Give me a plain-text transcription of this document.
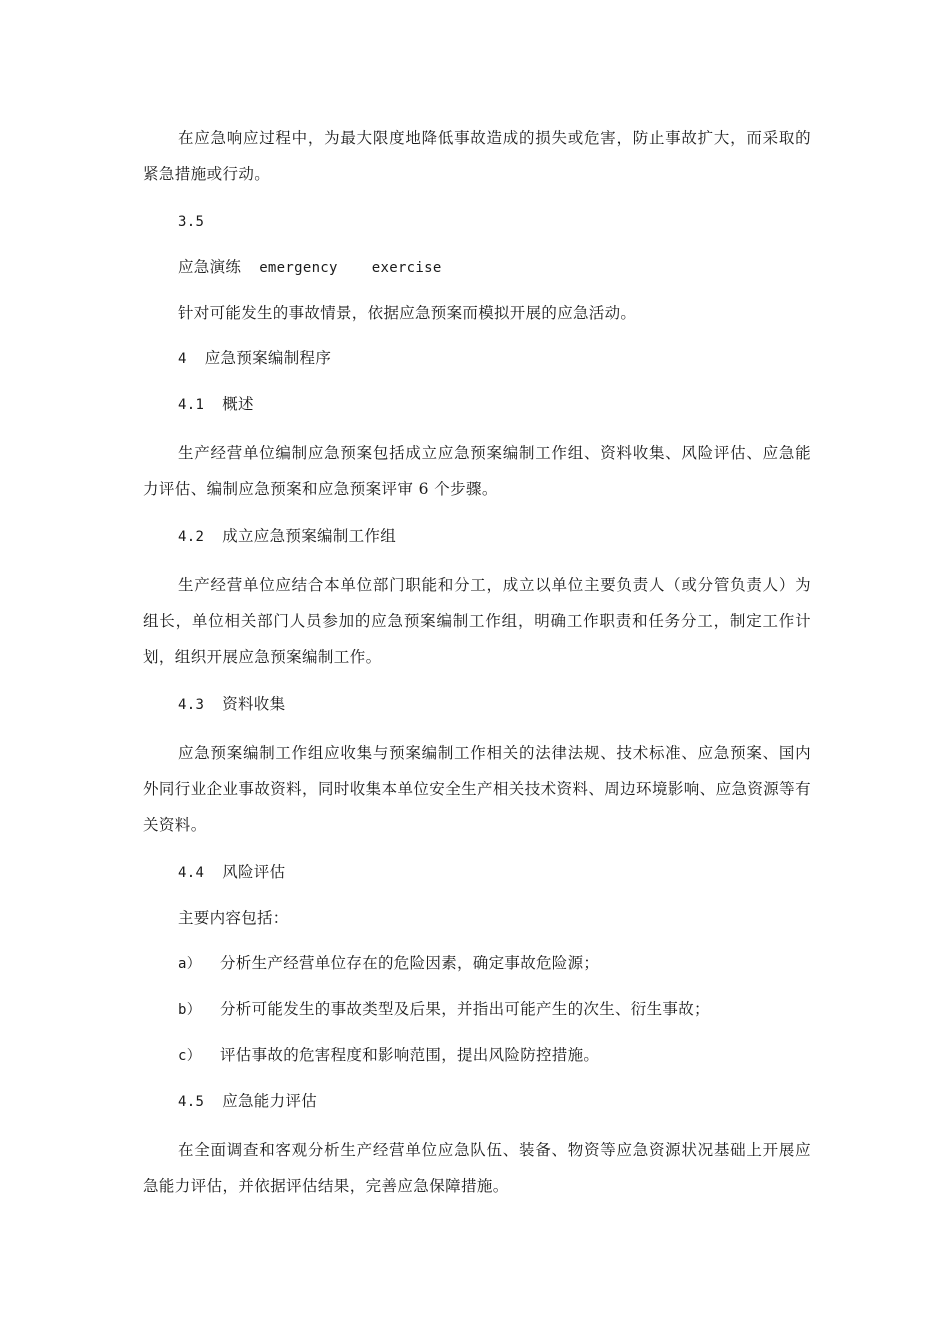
在应急响应过程中，为最大限度地降低事故造成的损失或危害，防止事故扩大，而采取的紧急措施或行动。

3.5
应急演练 emergency exercise
针对可能发生的事故情景，依据应急预案而模拟开展的应急活动。
4 应急预案编制程序
4.1 概述

生产经营单位编制应急预案包括成立应急预案编制工作组、资料收集、风险评估、应急能力评估、编制应急预案和应急预案评审 6 个步骤。

4.2 成立应急预案编制工作组

生产经营单位应结合本单位部门职能和分工，成立以单位主要负责人（或分管负责人）为组长，单位相关部门人员参加的应急预案编制工作组，明确工作职责和任务分工，制定工作计划，组织开展应急预案编制工作。

4.3 资料收集

应急预案编制工作组应收集与预案编制工作相关的法律法规、技术标准、应急预案、国内外同行业企业事故资料，同时收集本单位安全生产相关技术资料、周边环境影响、应急资源等有关资料。

4.4 风险评估
主要内容包括：
a） 分析生产经营单位存在的危险因素，确定事故危险源；
b） 分析可能发生的事故类型及后果，并指出可能产生的次生、衍生事故；
c） 评估事故的危害程度和影响范围，提出风险防控措施。
4.5 应急能力评估

在全面调查和客观分析生产经营单位应急队伍、装备、物资等应急资源状况基础上开展应急能力评估，并依据评估结果，完善应急保障措施。
